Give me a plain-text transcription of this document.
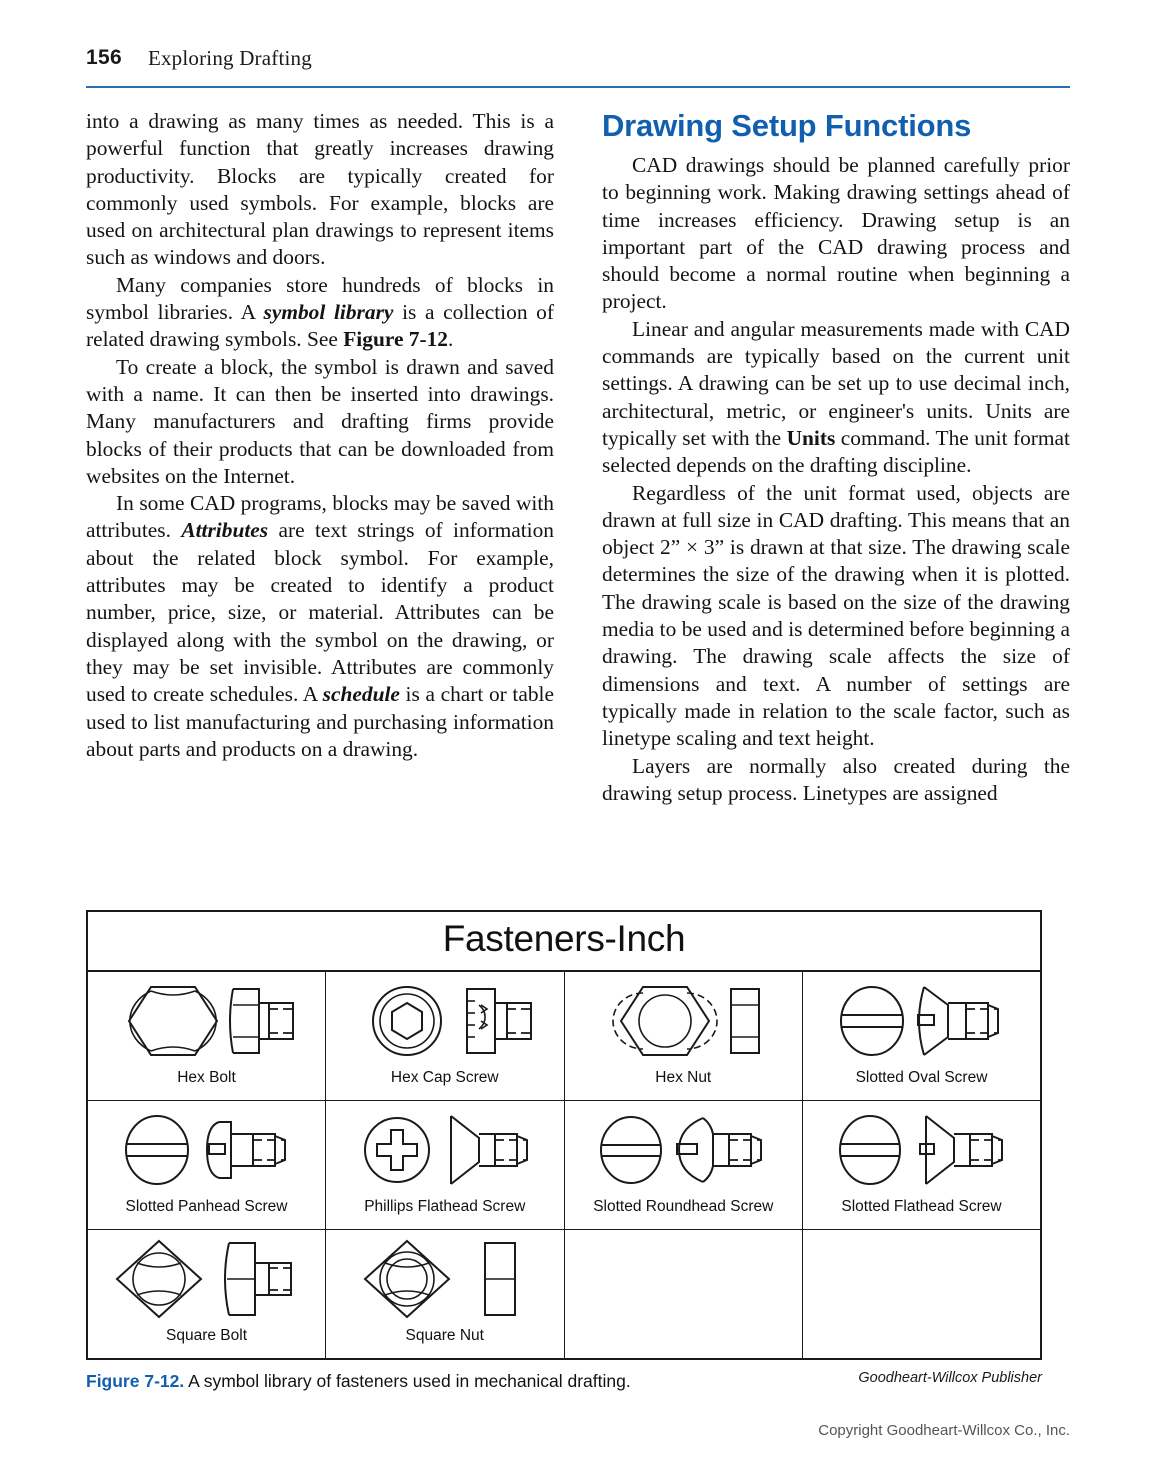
156 Exploring Drafting

into a drawing as many times as needed. This is a powerful function that greatly increases drawing productivity. Blocks are typically created for commonly used symbols. For example, blocks are used on architectural plan drawings to represent items such as windows and doors.

Many companies store hundreds of blocks in symbol libraries. A symbol library is a collection of related drawing symbols. See Figure 7-12.

To create a block, the symbol is drawn and saved with a name. It can then be inserted into drawings. Many manufacturers and drafting firms provide blocks of their products that can be downloaded from websites on the Internet.

In some CAD programs, blocks may be saved with attributes. Attributes are text strings of information about the related block symbol. For example, attributes may be created to identify a product number, price, size, or material. Attributes can be displayed along with the symbol on the drawing, or they may be set invisible. Attributes are commonly used to create schedules. A schedule is a chart or table used to list manufacturing and purchasing information about parts and products on a drawing.

Drawing Setup Functions

CAD drawings should be planned carefully prior to beginning work. Making drawing settings ahead of time increases efficiency. Drawing setup is an important part of the CAD drawing process and should become a normal routine when beginning a project.

Linear and angular measurements made with CAD commands are typically based on the current unit settings. A drawing can be set up to use decimal inch, architectural, metric, or engineer's units. Units are typically set with the Units command. The unit format selected depends on the drafting discipline.

Regardless of the unit format used, objects are drawn at full size in CAD drafting. This means that an object 2” × 3” is drawn at that size. The drawing scale determines the size of the drawing when it is plotted. The drawing scale is based on the size of the drawing media to be used and is determined before beginning a drawing. The drawing scale affects the size of dimensions and text. A number of settings are typically made in relation to the scale factor, such as linetype scaling and text height.

Layers are normally also created during the drawing setup process. Linetypes are assigned

Fasteners-Inch			

Hex Bolt	Hex Cap Screw	Hex Nut	Slotted Oval Screw

Slotted Panhead Screw	Phillips Flathead Screw	Slotted Roundhead Screw	Slotted Flathead Screw

Square Bolt	Square Nut		

Goodheart-Willcox Publisher
Figure 7-12. A symbol library of fasteners used in mechanical drafting.
Copyright Goodheart-Willcox Co., Inc.
